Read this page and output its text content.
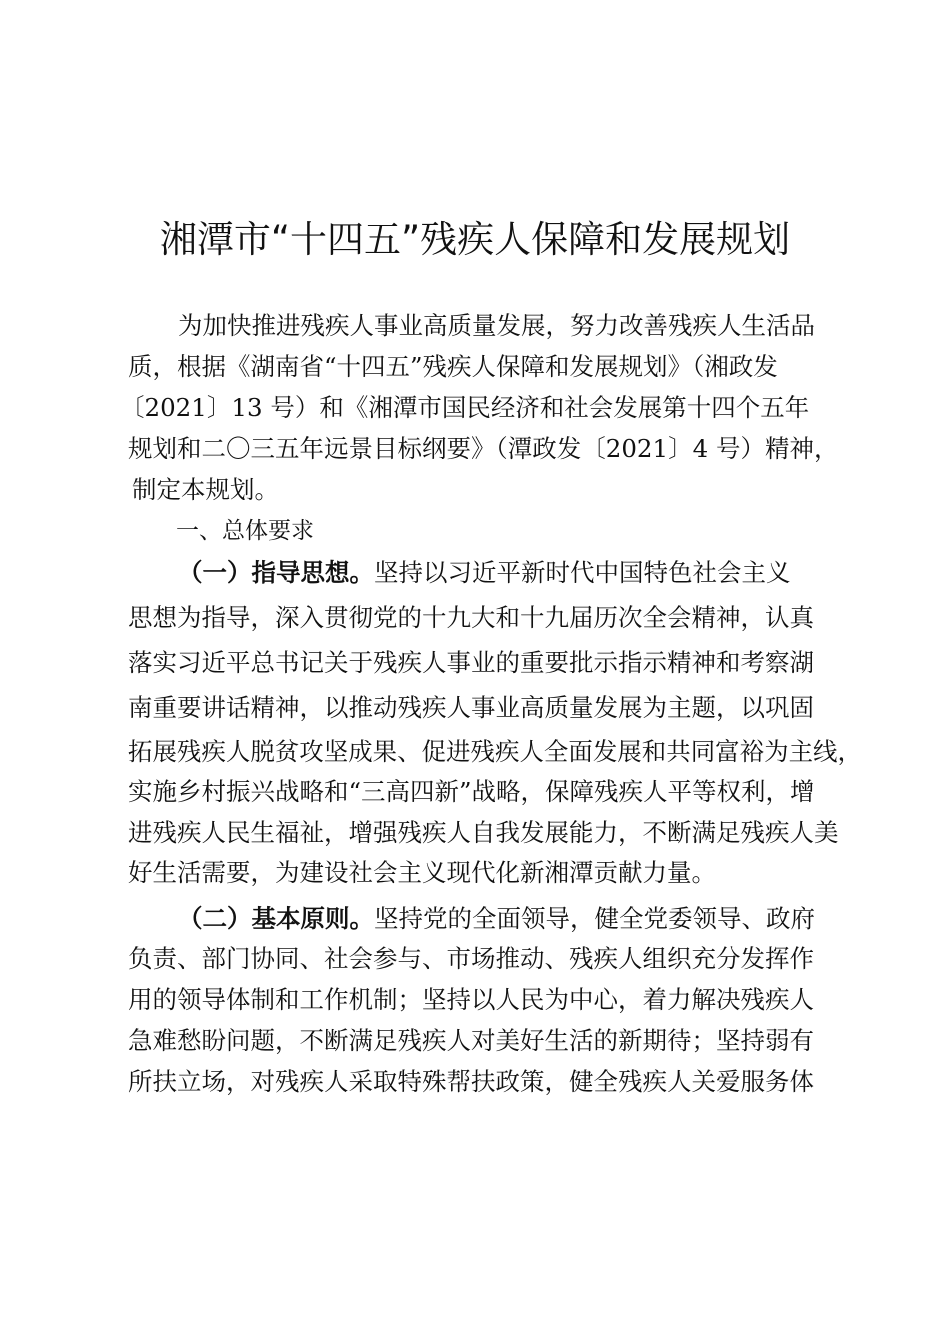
湘潭市“十四五”残疾人保障和发展规划
为加快推进残疾人事业高质量发展，努力改善残疾人生活品
质，根据《湖南省“十四五”残疾人保障和发展规划》（湘政发
〔2021〕13 号）和《湘潭市国民经济和社会发展第十四个五年
规划和二〇三五年远景目标纲要》（潭政发〔2021〕4 号）精神，
制定本规划。
一、总体要求
（一）指导思想。坚持以习近平新时代中国特色社会主义
思想为指导，深入贯彻党的十九大和十九届历次全会精神，认真
落实习近平总书记关于残疾人事业的重要批示指示精神和考察湖
南重要讲话精神，以推动残疾人事业高质量发展为主题，以巩固
拓展残疾人脱贫攻坚成果、促进残疾人全面发展和共同富裕为主线，
实施乡村振兴战略和“三高四新”战略，保障残疾人平等权利，增
进残疾人民生福祉，增强残疾人自我发展能力，不断满足残疾人美
好生活需要，为建设社会主义现代化新湘潭贡献力量。
（二）基本原则。坚持党的全面领导，健全党委领导、政府
负责、部门协同、社会参与、市场推动、残疾人组织充分发挥作
用的领导体制和工作机制；坚持以人民为中心，着力解决残疾人
急难愁盼问题，不断满足残疾人对美好生活的新期待；坚持弱有
所扶立场，对残疾人采取特殊帮扶政策，健全残疾人关爱服务体
